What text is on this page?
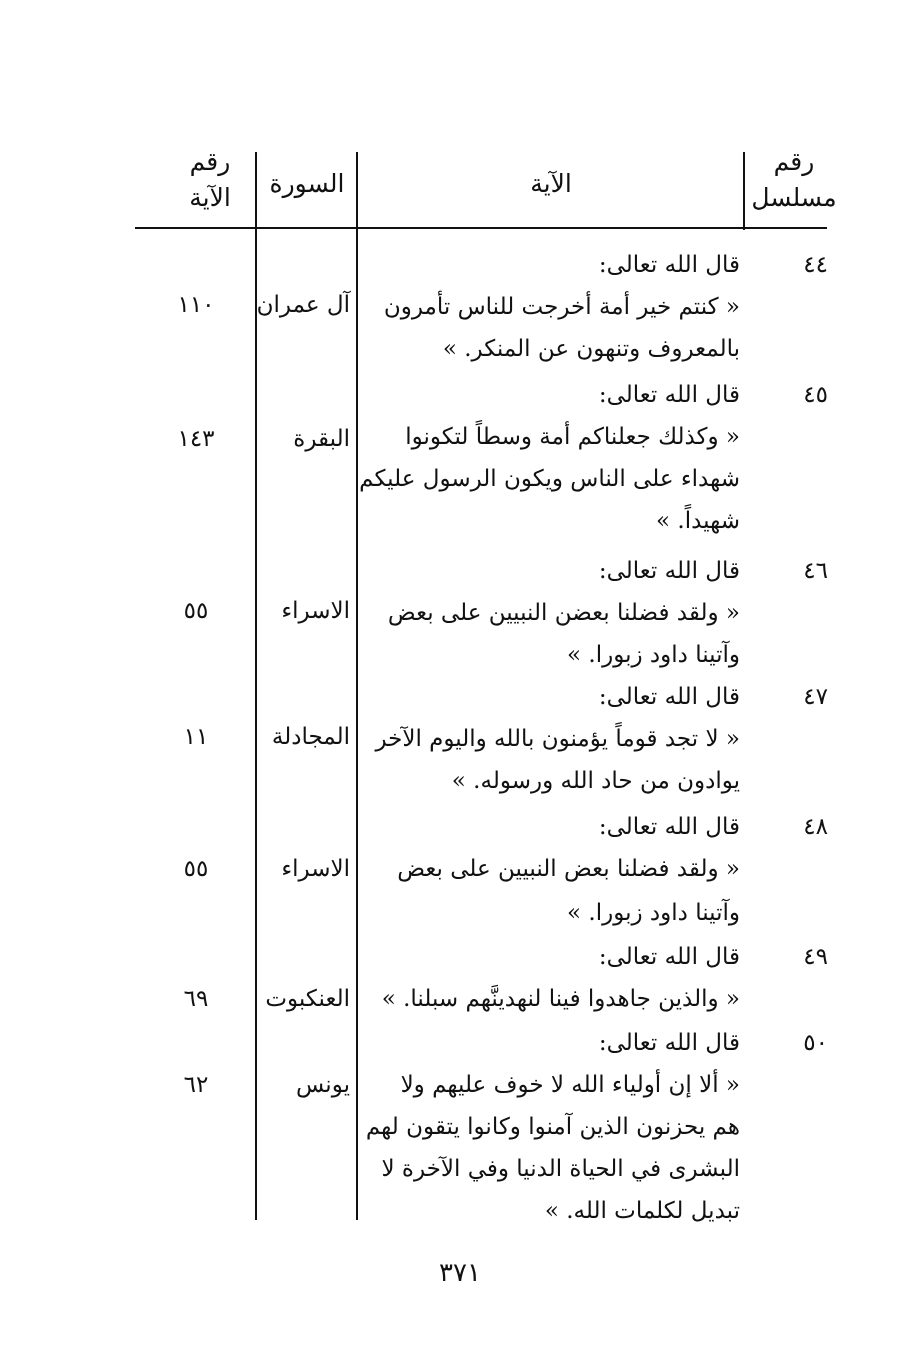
رقم
مسلسل
الآية
السورة
رقم
الآية
٤٤
قال الله تعالى:
« كنتم خير أمة أخرجت للناس تأمرون
بالمعروف وتنهون عن المنكر. »
آل عمران
١١٠
٤٥
قال الله تعالى:
« وكذلك جعلناكم أمة وسطاً لتكونوا
شهداء على الناس ويكون الرسول عليكم
شهيداً. »
البقرة
١٤٣
٤٦
قال الله تعالى:
« ولقد فضلنا بعضن النبيين على بعض
وآتينا داود زبورا. »
الاسراء
٥٥
٤٧
قال الله تعالى:
« لا تجد قوماً يؤمنون بالله واليوم الآخر
يوادون من حاد الله ورسوله. »
المجادلة
١١
٤٨
قال الله تعالى:
« ولقد فضلنا بعض النبيين على بعض
وآتينا داود زبورا. »
الاسراء
٥٥
٤٩
قال الله تعالى:
« والذين جاهدوا فينا لنهدينَّهم سبلنا. »
العنكبوت
٦٩
٥٠
قال الله تعالى:
« ألا إن أولياء الله لا خوف عليهم ولا
هم يحزنون الذين آمنوا وكانوا يتقون لهم
البشرى في الحياة الدنيا وفي الآخرة لا
تبديل لكلمات الله. »
يونس
٦٢
٣٧١
